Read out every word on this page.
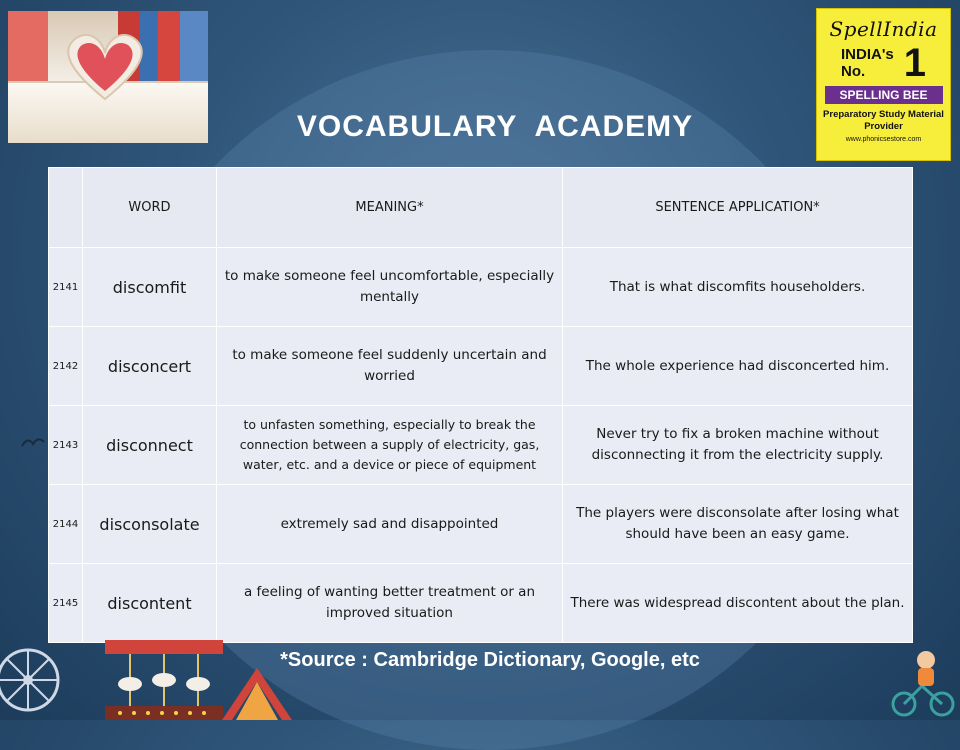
SpellIndia
INDIA's
No. 1
SPELLING BEE
Preparatory Study Material Provider
www.phonicsestore.com
VOCABULARY  ACADEMY
	WORD	MEANING*	SENTENCE APPLICATION*
2141	discomfit	to make someone feel uncomfortable, especially mentally	That is what discomfits householders.
2142	disconcert	to make someone feel suddenly uncertain and worried	The whole experience had disconcerted him.
2143	disconnect	to unfasten something, especially to break the connection between a supply of electricity, gas, water, etc. and a device or piece of equipment	Never try to fix a broken machine without disconnecting it from the electricity supply.
2144	disconsolate	extremely sad and disappointed	The players were disconsolate after losing what should have been an easy game.
2145	discontent	a feeling of wanting better treatment or an improved situation	There was widespread discontent about the plan.
*Source : Cambridge Dictionary, Google, etc
